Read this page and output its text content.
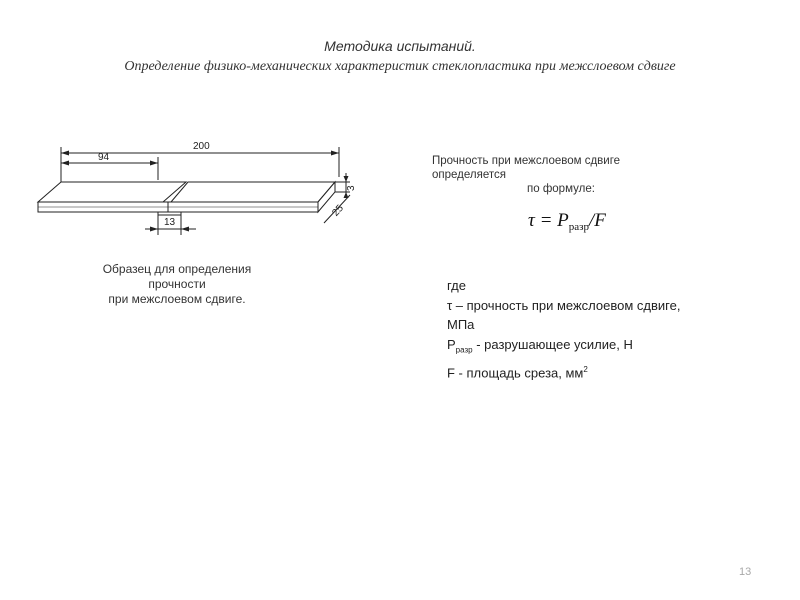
Методика испытаний.
Определение физико-механических характеристик стеклопластика при межслоевом сдвиге
200
94
13
3
25
Образец для определения
прочности
при межслоевом сдвиге.
Прочность при межслоевом сдвиге
определяется
по формуле:
$\tau = P_{разр}/F$
где
τ – прочность при межслоевом сдвиге,
МПа
$P_{разр}$ - разрушающее усилие, Н
F - площадь среза, $мм^2$
13
